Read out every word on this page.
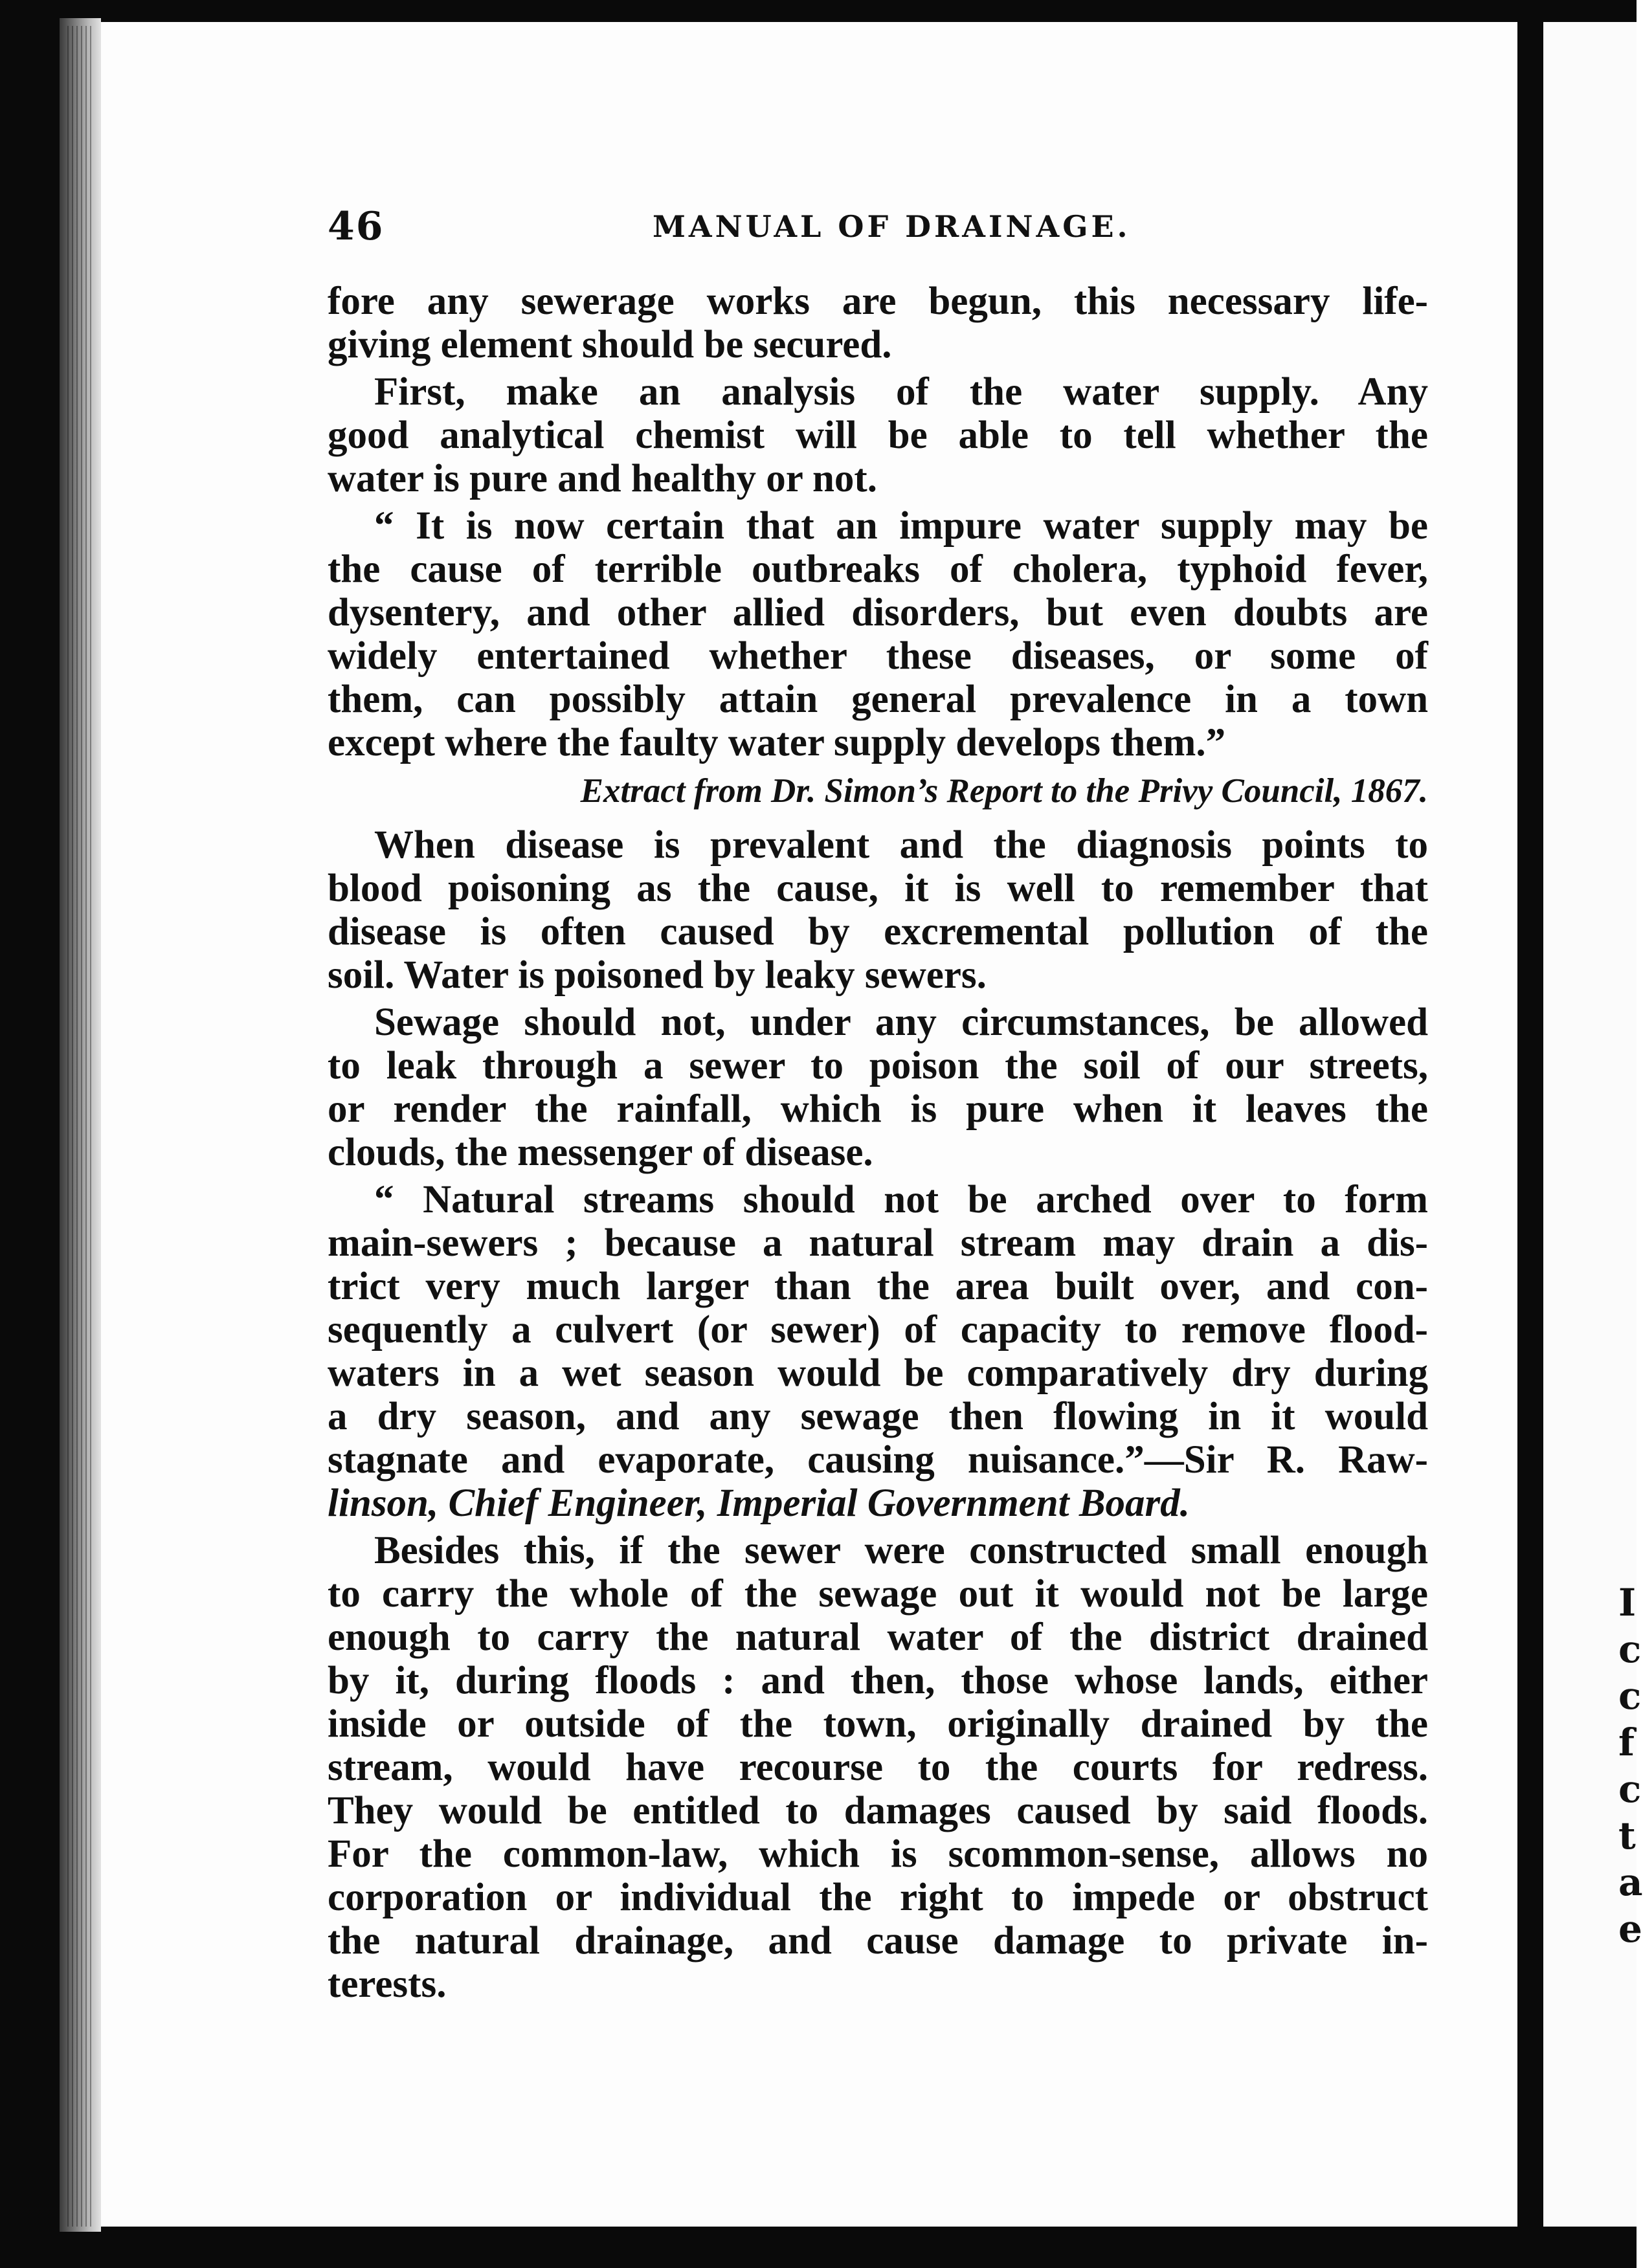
I
c
c
f
c
t
a
e
46	MANUAL OF DRAINAGE.

fore any sewerage works are begun, this necessary life-
giving element should be secured.

First, make an analysis of the water supply. Any
good analytical chemist will be able to tell whether the
water is pure and healthy or not.

“ It is now certain that an impure water supply may be
the cause of terrible outbreaks of cholera, typhoid fever,
dysentery, and other allied disorders, but even doubts are
widely entertained whether these diseases, or some of
them, can possibly attain general prevalence in a town
except where the faulty water supply develops them.”
Extract from Dr. Simon’s Report to the Privy Council, 1867.

When disease is prevalent and the diagnosis points to
blood poisoning as the cause, it is well to remember that
disease is often caused by excremental pollution of the
soil. Water is poisoned by leaky sewers.

Sewage should not, under any circumstances, be allowed
to leak through a sewer to poison the soil of our streets,
or render the rainfall, which is pure when it leaves the
clouds, the messenger of disease.

“ Natural streams should not be arched over to form
main-sewers ; because a natural stream may drain a dis-
trict very much larger than the area built over, and con-
sequently a culvert (or sewer) of capacity to remove flood-
waters in a wet season would be comparatively dry during
a dry season, and any sewage then flowing in it would
stagnate and evaporate, causing nuisance.”—Sir R. Raw-
linson, Chief Engineer, Imperial Government Board.

Besides this, if the sewer were constructed small enough
to carry the whole of the sewage out it would not be large
enough to carry the natural water of the district drained
by it, during floods : and then, those whose lands, either
inside or outside of the town, originally drained by the
stream, would have recourse to the courts for redress.
They would be entitled to damages caused by said floods.
For the common-law, which is scommon-sense, allows no
corporation or individual the right to impede or obstruct
the natural drainage, and cause damage to private in-
terests.
